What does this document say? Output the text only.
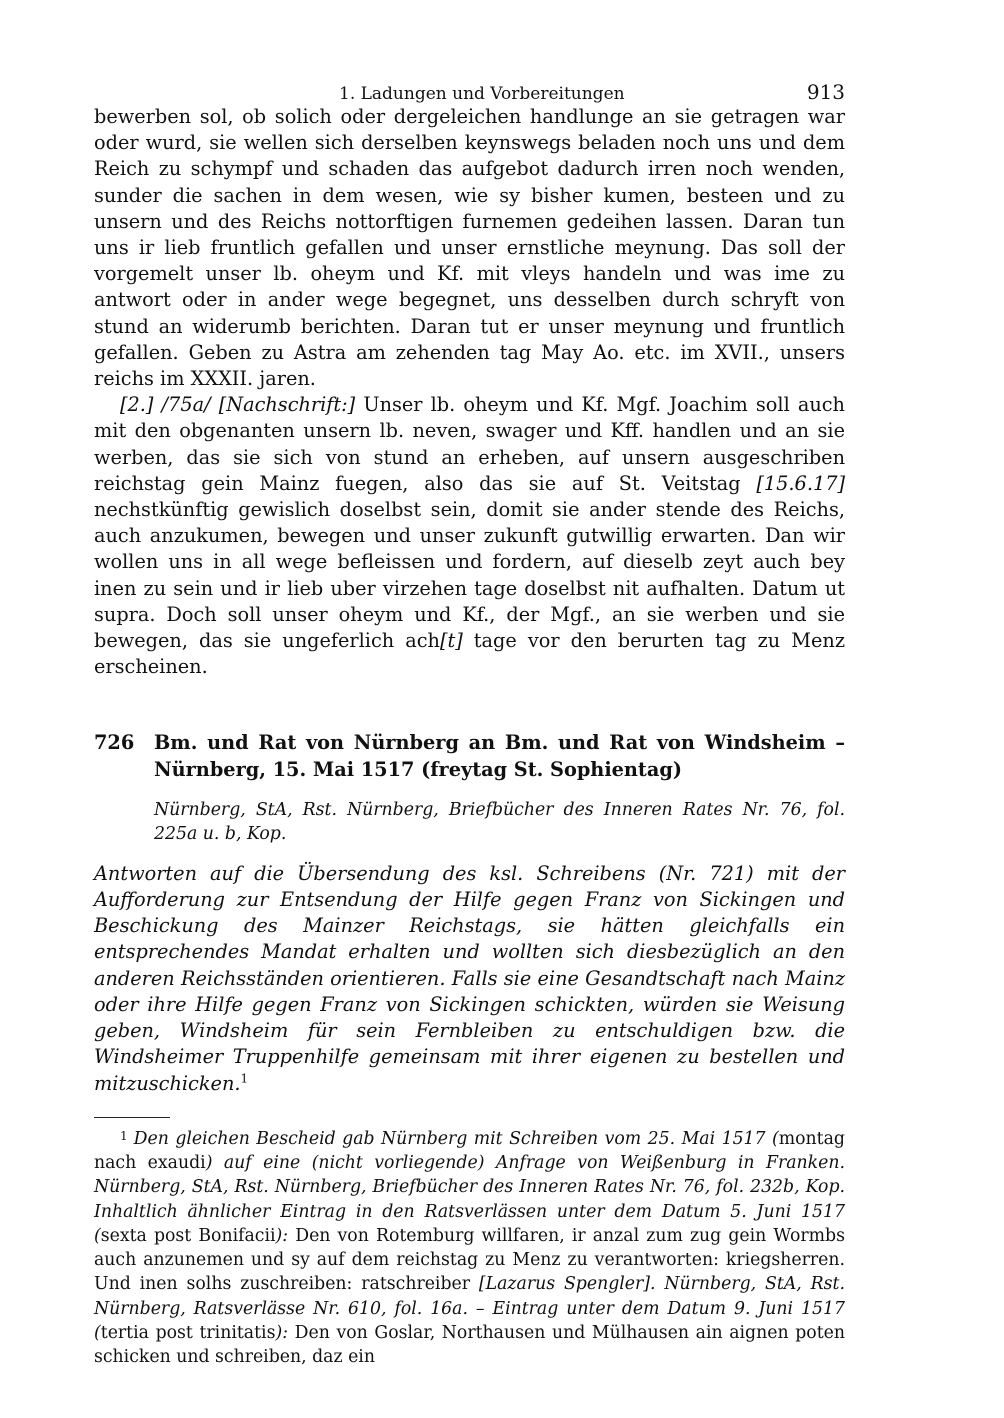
1. Ladungen und Vorbereitungen	913

bewerben sol, ob solich oder dergeleichen handlunge an sie getragen war oder wurd, sie wellen sich derselben keynswegs beladen noch uns und dem Reich zu schympf und schaden das aufgebot dadurch irren noch wenden, sunder die sachen in dem wesen, wie sy bisher kumen, besteen und zu unsern und des Reichs nottorftigen furnemen gedeihen lassen. Daran tun uns ir lieb fruntlich gefallen und unser ernstliche meynung. Das soll der vorgemelt unser lb. oheym und Kf. mit vleys handeln und was ime zu antwort oder in ander wege begegnet, uns desselben durch schryft von stund an widerumb berichten. Daran tut er unser meynung und fruntlich gefallen. Geben zu Astra am zehenden tag May Ao. etc. im XVII., unsers reichs im XXXII. jaren.

[2.] /75a/ [Nachschrift:] Unser lb. oheym und Kf. Mgf. Joachim soll auch mit den obgenanten unsern lb. neven, swager und Kff. handlen und an sie werben, das sie sich von stund an erheben, auf unsern ausgeschriben reichstag gein Mainz fuegen, also das sie auf St. Veitstag [15.6.17] nechstkünftig gewislich doselbst sein, domit sie ander stende des Reichs, auch anzukumen, bewegen und unser zukunft gutwillig erwarten. Dan wir wollen uns in all wege befleissen und fordern, auf dieselb zeyt auch bey inen zu sein und ir lieb uber virzehen tage doselbst nit aufhalten. Datum ut supra. Doch soll unser oheym und Kf., der Mgf., an sie werben und sie bewegen, das sie ungeferlich ach[t] tage vor den berurten tag zu Menz erscheinen.

726	Bm. und Rat von Nürnberg an Bm. und Rat von Windsheim – Nürnberg, 15. Mai 1517 (freytag St. Sophientag)
Nürnberg, StA, Rst. Nürnberg, Briefbücher des Inneren Rates Nr. 76, fol. 225a u. b, Kop.
Antworten auf die Übersendung des ksl. Schreibens (Nr. 721) mit der Aufforderung zur Entsendung der Hilfe gegen Franz von Sickingen und Beschickung des Mainzer Reichstags, sie hätten gleichfalls ein entsprechendes Mandat erhalten und wollten sich diesbezüglich an den anderen Reichsständen orientieren. Falls sie eine Gesandtschaft nach Mainz oder ihre Hilfe gegen Franz von Sickingen schickten, würden sie Weisung geben, Windsheim für sein Fernbleiben zu entschuldigen bzw. die Windsheimer Truppenhilfe gemeinsam mit ihrer eigenen zu bestellen und mitzuschicken.$^1$

$^1$ Den gleichen Bescheid gab Nürnberg mit Schreiben vom 25. Mai 1517 (montag nach exaudi) auf eine (nicht vorliegende) Anfrage von Weißenburg in Franken. Nürnberg, StA, Rst. Nürnberg, Briefbücher des Inneren Rates Nr. 76, fol. 232b, Kop. Inhaltlich ähnlicher Eintrag in den Ratsverlässen unter dem Datum 5. Juni 1517 (sexta post Bonifacii): Den von Rotemburg willfaren, ir anzal zum zug gein Wormbs auch anzunemen und sy auf dem reichstag zu Menz zu verantworten: kriegsherren. Und inen solhs zuschreiben: ratschreiber [Lazarus Spengler]. Nürnberg, StA, Rst. Nürnberg, Ratsverlässe Nr. 610, fol. 16a. – Eintrag unter dem Datum 9. Juni 1517 (tertia post trinitatis): Den von Goslar, Northausen und Mülhausen ain aignen poten schicken und schreiben, daz ein
